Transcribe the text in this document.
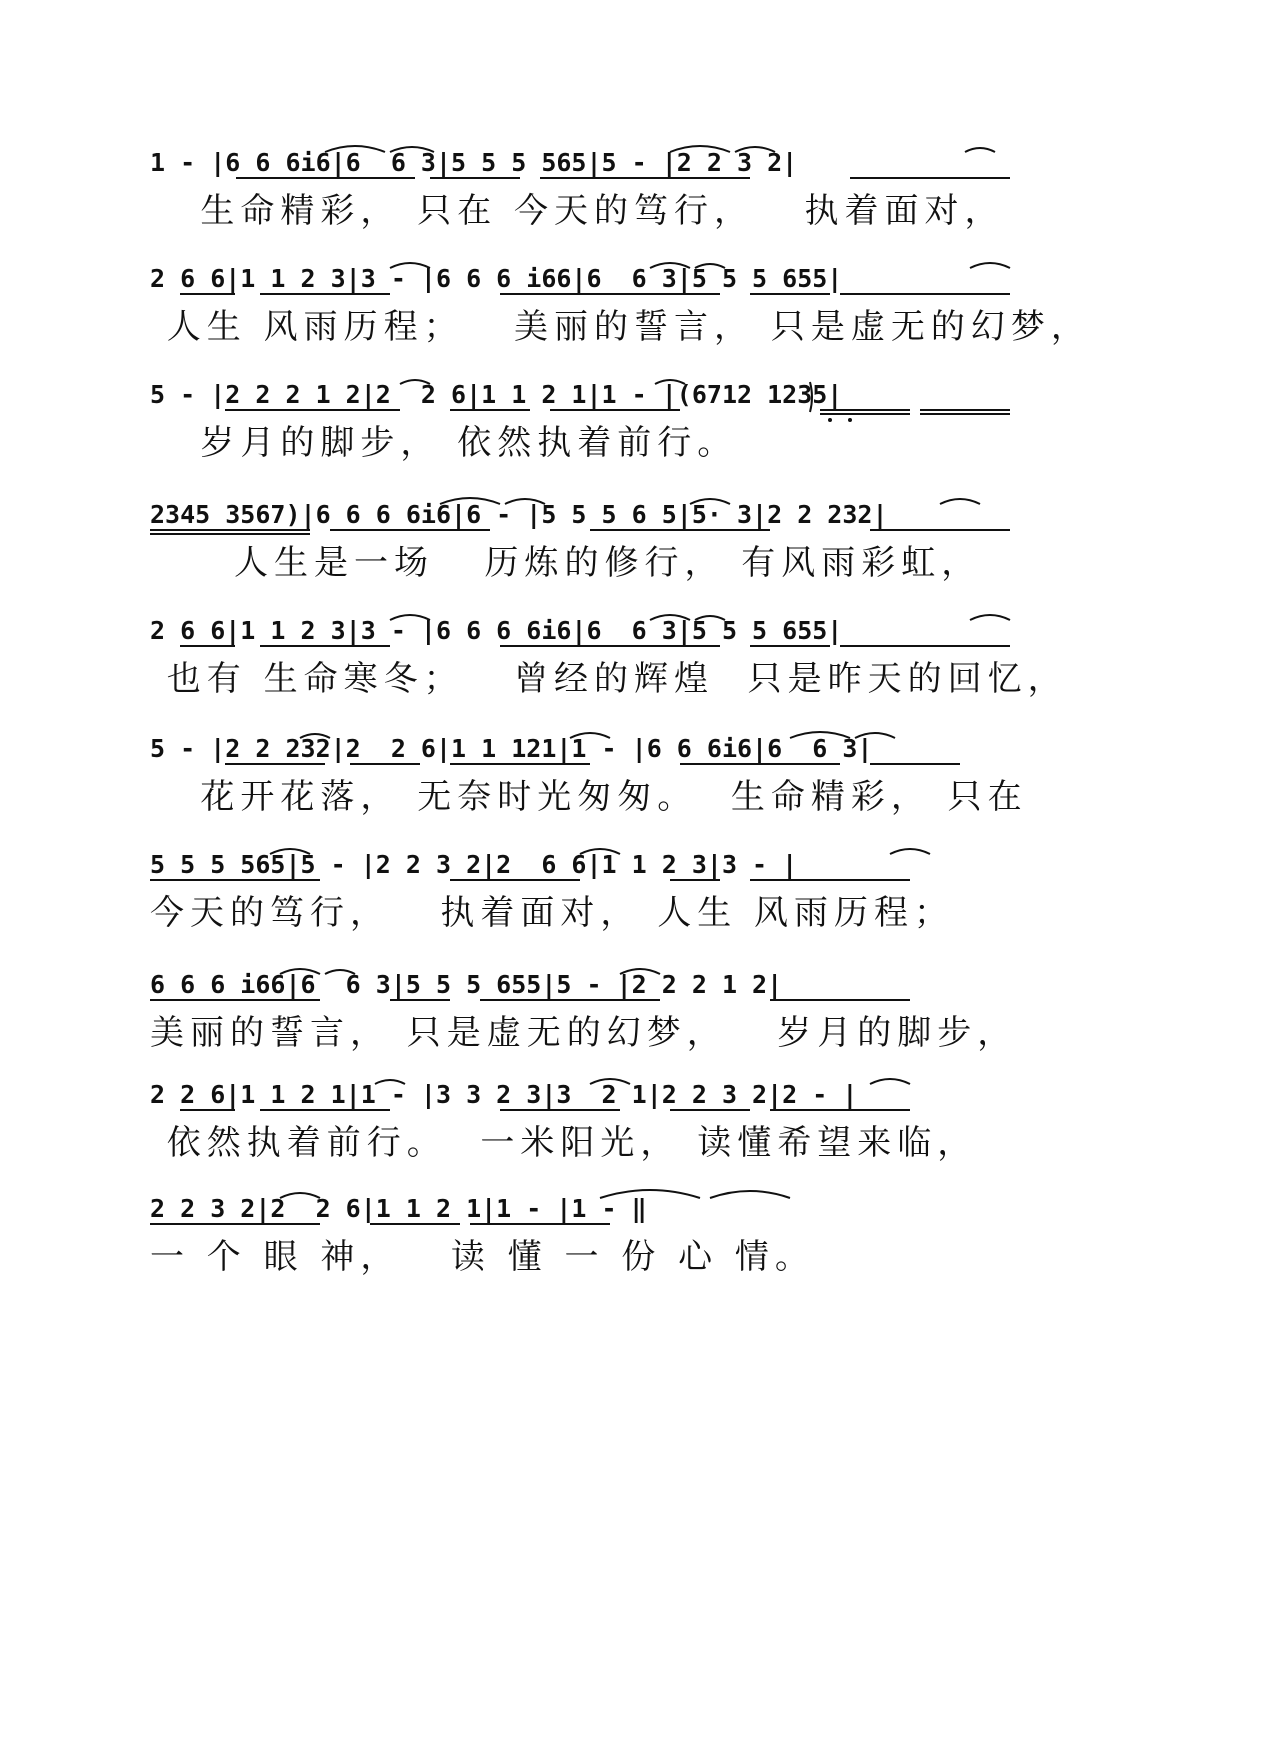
1 - |6 6 6i6|6  6 3|5 5 5 565|5 - |2 2 3 2|
生命精彩， 只在 今天的笃行，   执着面对，
2 6 6|1 1 2 3|3 - |6 6 6 i66|6  6 3|5 5 5 655|
人生 风雨历程；   美丽的誓言， 只是虚无的幻梦，
5 - |2 2 2 1 2|2  2 6|1 1 2 1|1 - |(6712 1235|
岁月的脚步， 依然执着前行。
2345 3567)|6 6 6 6i6|6 - |5 5 5 6 5|5· 3|2 2 232|
人生是一场   历炼的修行， 有风雨彩虹，
2 6 6|1 1 2 3|3 - |6 6 6 6i6|6  6 3|5 5 5 655|
也有 生命寒冬；   曾经的辉煌  只是昨天的回忆，
5 - |2 2 232|2  2 6|1 1 121|1 - |6 6 6i6|6  6 3|
花开花落， 无奈时光匆匆。  生命精彩， 只在
5 5 5 565|5 - |2 2 3 2|2  6 6|1 1 2 3|3 - |
今天的笃行，   执着面对， 人生 风雨历程；
6 6 6 i66|6  6 3|5 5 5 655|5 - |2 2 2 1 2|
美丽的誓言， 只是虚无的幻梦，   岁月的脚步，
2 2 6|1 1 2 1|1 - |3 3 2 3|3  2 1|2 2 3 2|2 - |
依然执着前行。  一米阳光， 读懂希望来临，
2 2 3 2|2  2 6|1 1 2 1|1 - |1 - ‖
一 个 眼 神，   读 懂 一 份 心 情。
